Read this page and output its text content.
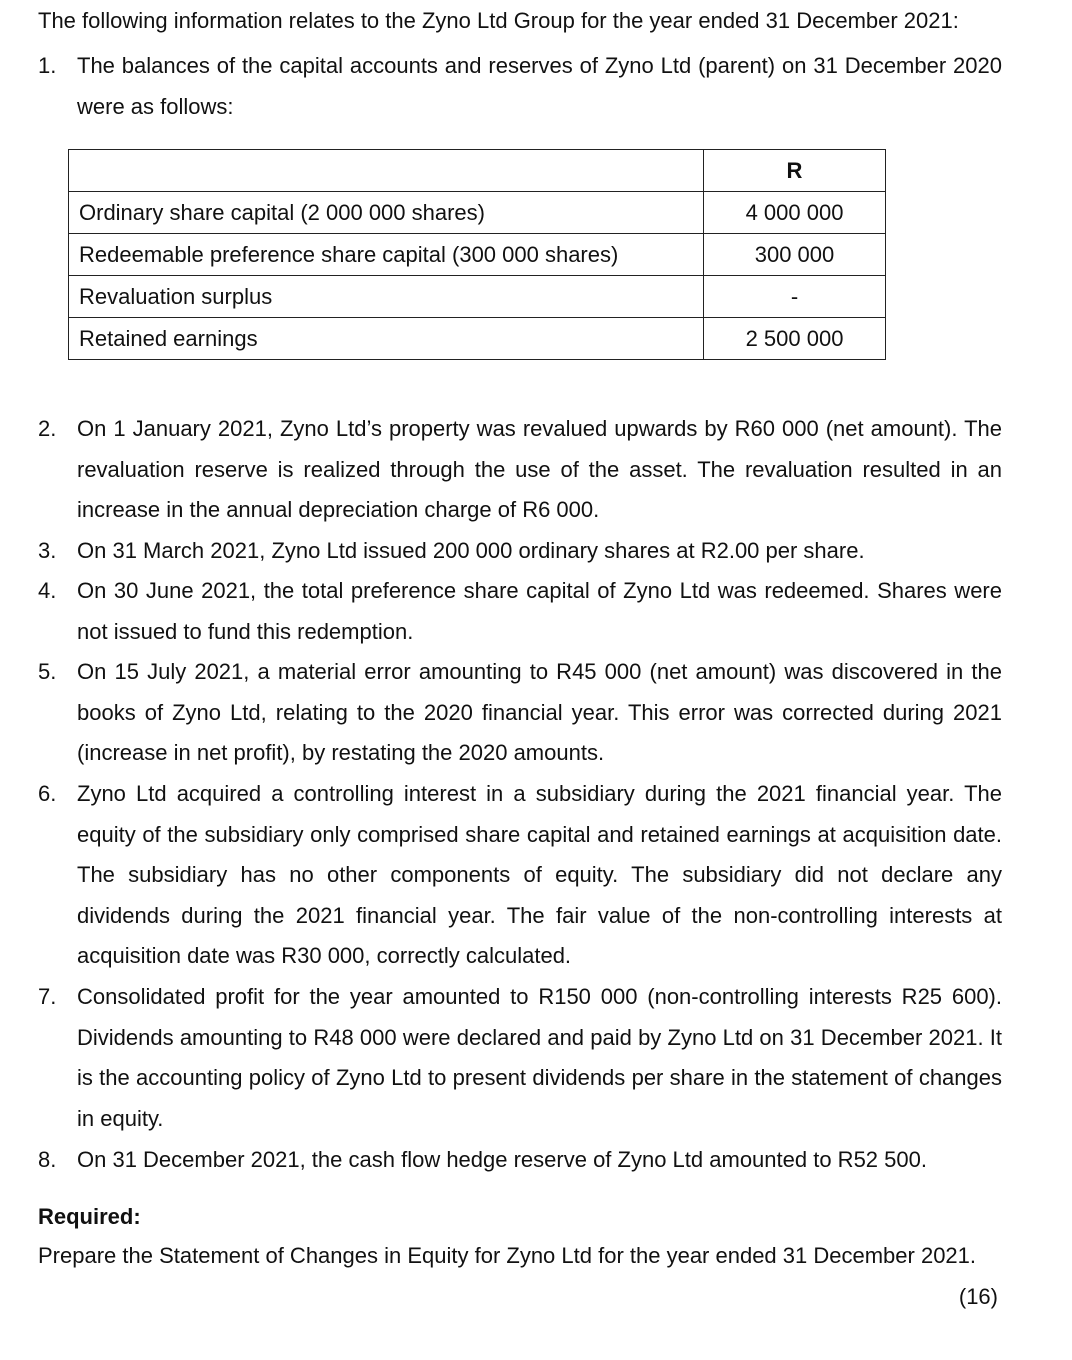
The following information relates to the Zyno Ltd Group for the year ended 31 December 2021:
1. The balances of the capital accounts and reserves of Zyno Ltd (parent) on 31 December 2020 were as follows:
	R
Ordinary share capital (2 000 000 shares)	4 000 000
Redeemable preference share capital (300 000 shares)	300 000
Revaluation surplus	-
Retained earnings	2 500 000
2. On 1 January 2021, Zyno Ltd’s property was revalued upwards by R60 000 (net amount). The revaluation reserve is realized through the use of the asset. The revaluation resulted in an increase in the annual depreciation charge of R6 000.
3. On 31 March 2021, Zyno Ltd issued 200 000 ordinary shares at R2.00 per share.
4. On 30 June 2021, the total preference share capital of Zyno Ltd was redeemed. Shares were not issued to fund this redemption.
5. On 15 July 2021, a material error amounting to R45 000 (net amount) was discovered in the books of Zyno Ltd, relating to the 2020 financial year. This error was corrected during 2021 (increase in net profit), by restating the 2020 amounts.
6. Zyno Ltd acquired a controlling interest in a subsidiary during the 2021 financial year. The equity of the subsidiary only comprised share capital and retained earnings at acquisition date. The subsidiary has no other components of equity. The subsidiary did not declare any dividends during the 2021 financial year. The fair value of the non-controlling interests at acquisition date was R30 000, correctly calculated.
7. Consolidated profit for the year amounted to R150 000 (non-controlling interests R25 600). Dividends amounting to R48 000 were declared and paid by Zyno Ltd on 31 December 2021. It is the accounting policy of Zyno Ltd to present dividends per share in the statement of changes in equity.
8. On 31 December 2021, the cash flow hedge reserve of Zyno Ltd amounted to R52 500.
Required:
Prepare the Statement of Changes in Equity for Zyno Ltd for the year ended 31 December 2021.
(16)
